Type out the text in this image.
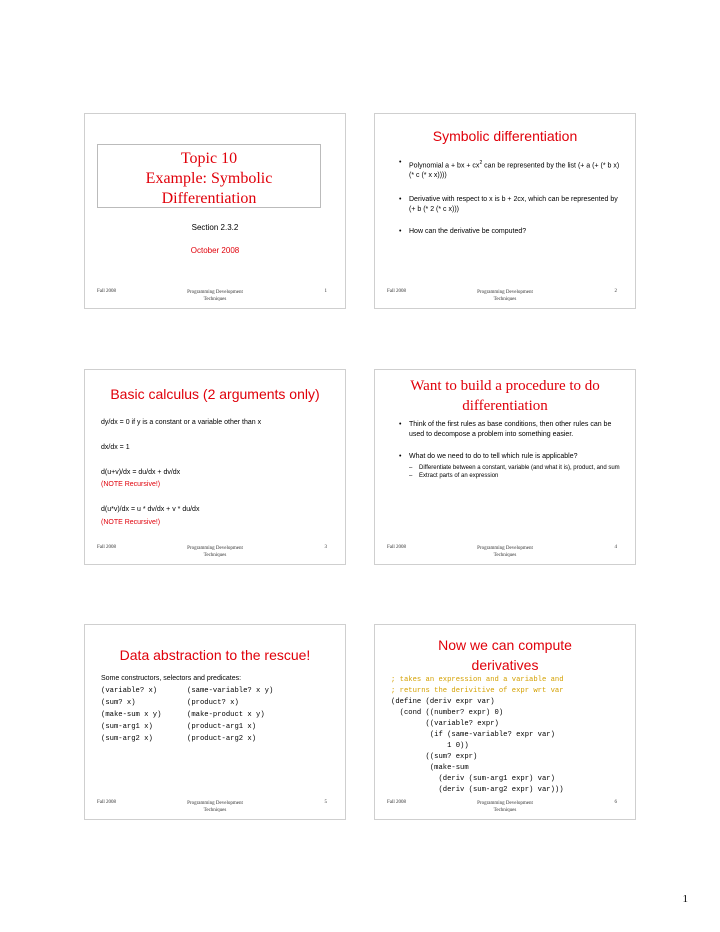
Topic 10
Example: Symbolic
Differentiation
Section 2.3.2
October 2008
Fall 2008	Programming Development
Techniques
1
Symbolic differentiation
• Polynomial a + bx + $cx^2$ can be represented by the list (+ a (+ (* b x) (* c (* x x))))
• Derivative with respect to x is b + 2cx, which can be represented by (+ b (* 2 (* c x)))
• How can the derivative be computed?
Fall 2008	Programming Development
Techniques
2
Basic calculus (2 arguments only)
dy/dx = 0 if y is a constant or a variable other than x
dx/dx = 1
d(u+v)/dx = du/dx + dv/dx
(NOTE Recursive!)
d(u*v)/dx = u * dv/dx + v * du/dx
(NOTE Recursive!)
Fall 2008	Programming Development
Techniques
3
Want to build a procedure to do
differentiation
• Think of the first rules as base conditions, then other rules can be used to decompose a problem into something easier.
• What do we need to do to tell which rule is applicable?
– Differentiate between a constant, variable (and what it is), product, and sum
– Extract parts of an expression
Fall 2008	Programming Development
Techniques
4
Data abstraction to the rescue!
Some constructors, selectors and predicates:
(variable? x)	(same-variable? x y)
(sum? x)	(product? x)
(make-sum x y)	(make-product x y)
(sum-arg1 x)	(product-arg1 x)
(sum-arg2 x)	(product-arg2 x)
Fall 2008	Programming Development
Techniques
5
Now we can compute
derivatives
; takes an expression and a variable and
; returns the derivitive of expr wrt var
(define (deriv expr var)
(cond ((number? expr) 0)
((variable? expr)
(if (same-variable? expr var)
1 0))
((sum? expr)
(make-sum
(deriv (sum-arg1 expr) var)
(deriv (sum-arg2 expr) var)))
Fall 2008	Programming Development
Techniques
6
1
